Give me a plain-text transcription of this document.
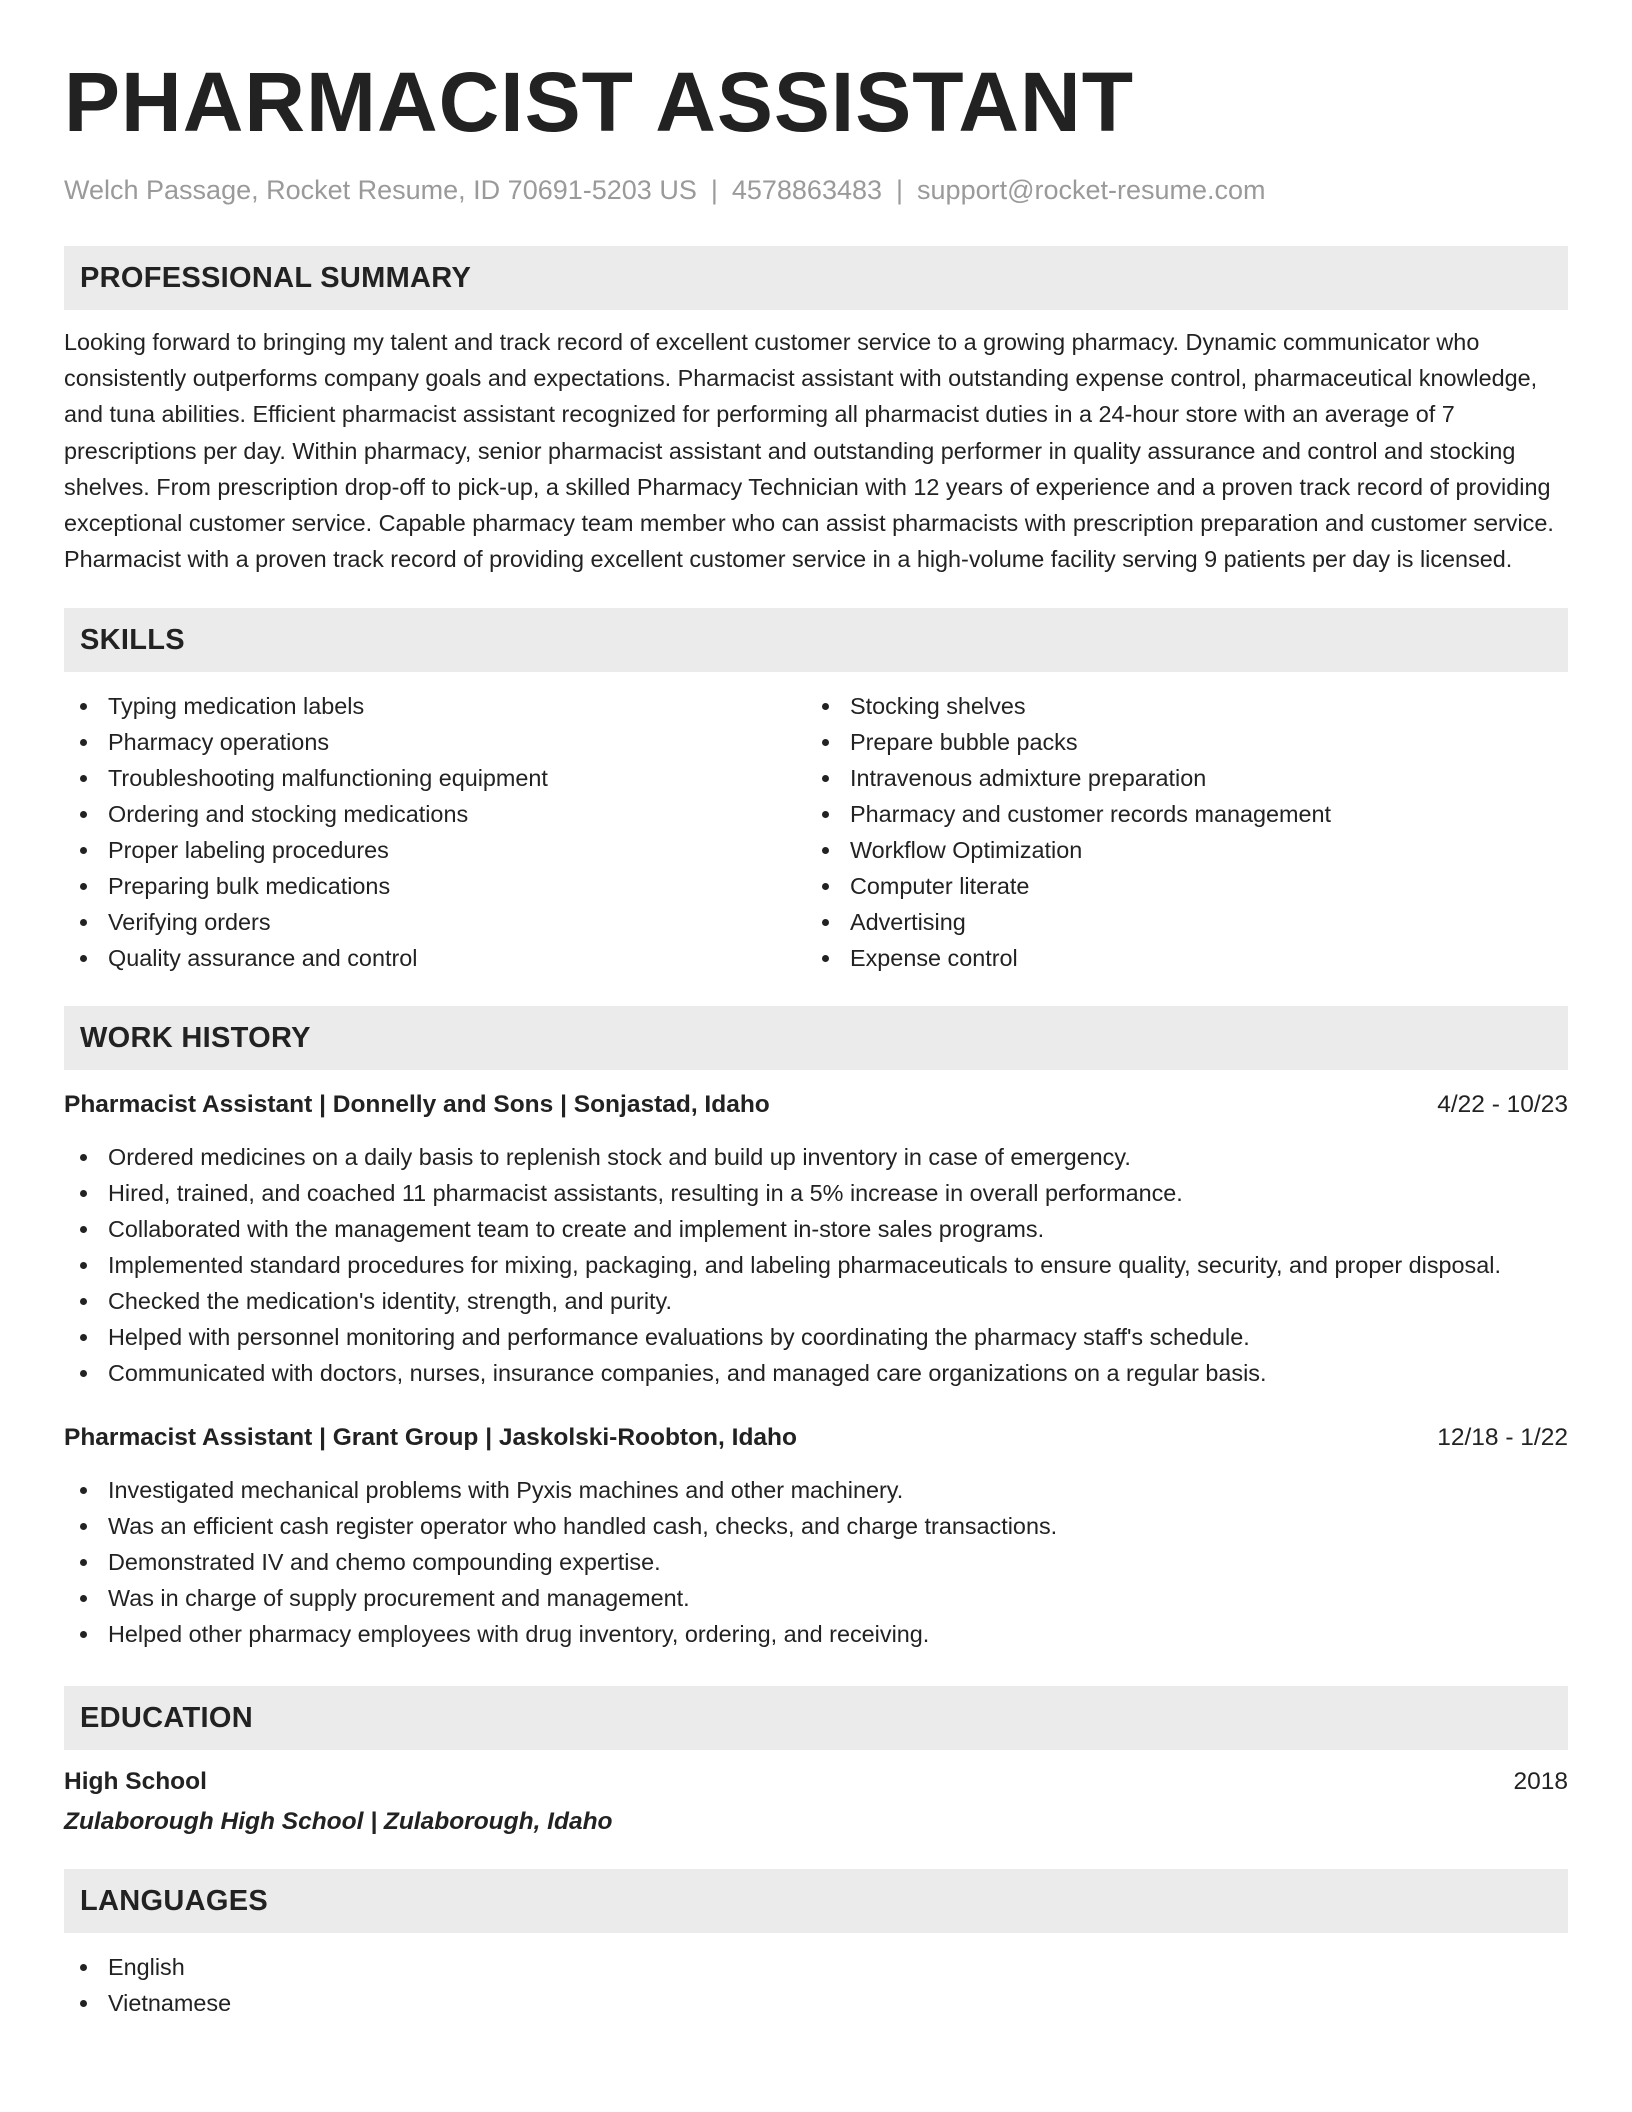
PHARMACIST ASSISTANT
Welch Passage, Rocket Resume, ID 70691-5203 US | 4578863483 | support@rocket-resume.com
PROFESSIONAL SUMMARY
Looking forward to bringing my talent and track record of excellent customer service to a growing pharmacy. Dynamic communicator who consistently outperforms company goals and expectations. Pharmacist assistant with outstanding expense control, pharmaceutical knowledge, and tuna abilities. Efficient pharmacist assistant recognized for performing all pharmacist duties in a 24-hour store with an average of 7 prescriptions per day. Within pharmacy, senior pharmacist assistant and outstanding performer in quality assurance and control and stocking shelves. From prescription drop-off to pick-up, a skilled Pharmacy Technician with 12 years of experience and a proven track record of providing exceptional customer service. Capable pharmacy team member who can assist pharmacists with prescription preparation and customer service. Pharmacist with a proven track record of providing excellent customer service in a high-volume facility serving 9 patients per day is licensed.
SKILLS
Typing medication labels
Pharmacy operations
Troubleshooting malfunctioning equipment
Ordering and stocking medications
Proper labeling procedures
Preparing bulk medications
Verifying orders
Quality assurance and control
Stocking shelves
Prepare bubble packs
Intravenous admixture preparation
Pharmacy and customer records management
Workflow Optimization
Computer literate
Advertising
Expense control
WORK HISTORY
Pharmacist Assistant | Donnelly and Sons | Sonjastad, Idaho	4/22 - 10/23
Ordered medicines on a daily basis to replenish stock and build up inventory in case of emergency.
Hired, trained, and coached 11 pharmacist assistants, resulting in a 5% increase in overall performance.
Collaborated with the management team to create and implement in-store sales programs.
Implemented standard procedures for mixing, packaging, and labeling pharmaceuticals to ensure quality, security, and proper disposal.
Checked the medication's identity, strength, and purity.
Helped with personnel monitoring and performance evaluations by coordinating the pharmacy staff's schedule.
Communicated with doctors, nurses, insurance companies, and managed care organizations on a regular basis.
Pharmacist Assistant | Grant Group | Jaskolski-Roobton, Idaho	12/18 - 1/22
Investigated mechanical problems with Pyxis machines and other machinery.
Was an efficient cash register operator who handled cash, checks, and charge transactions.
Demonstrated IV and chemo compounding expertise.
Was in charge of supply procurement and management.
Helped other pharmacy employees with drug inventory, ordering, and receiving.
EDUCATION
High School	2018
Zulaborough High School | Zulaborough, Idaho
LANGUAGES
English
Vietnamese
